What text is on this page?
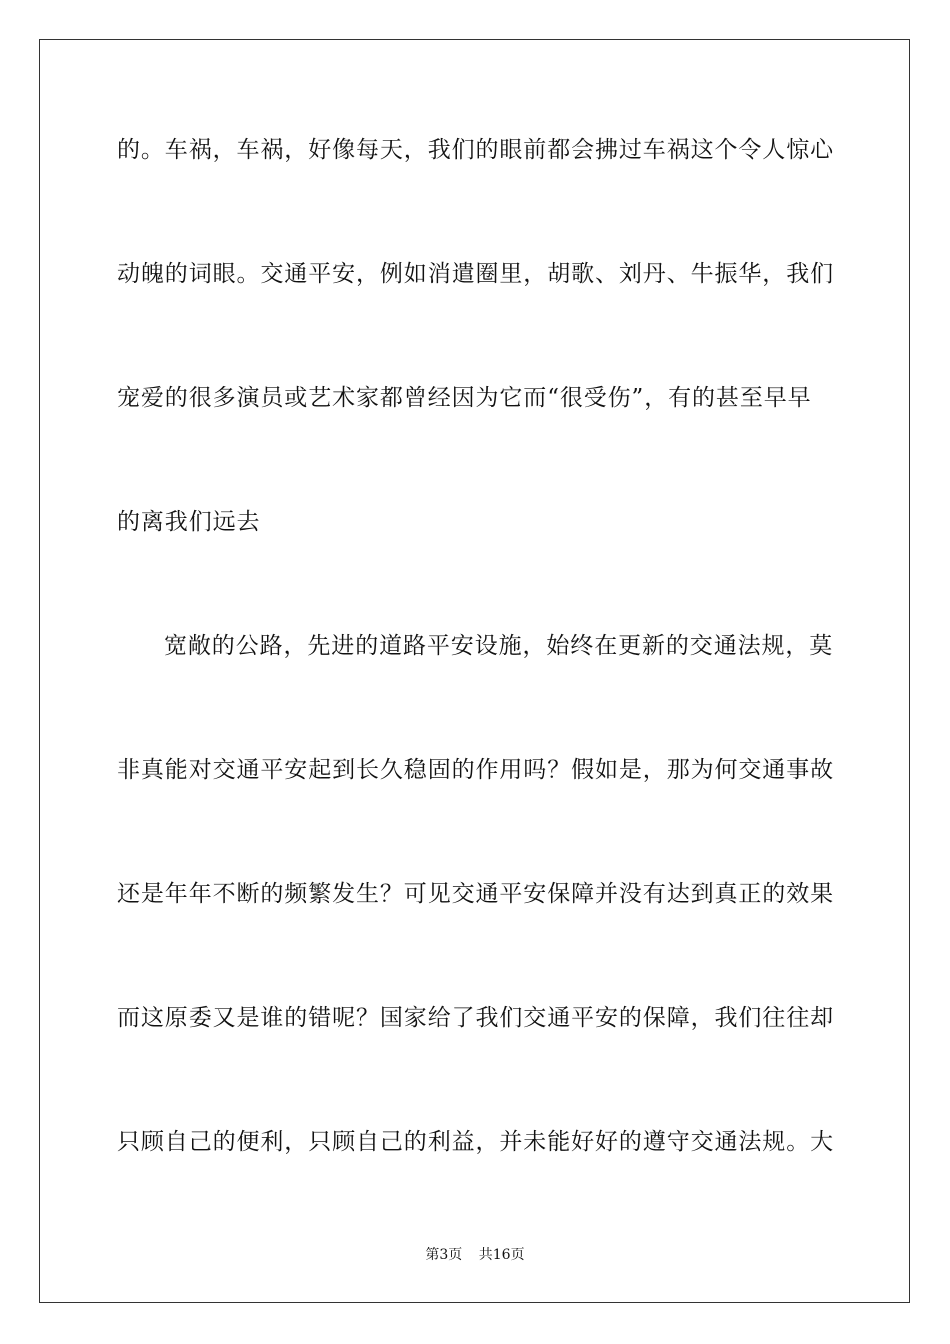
的。车祸，车祸，好像每天，我们的眼前都会拂过车祸这个令人惊心
动魄的词眼。交通平安，例如消遣圈里，胡歌、刘丹、牛振华，我们
宠爱的很多演员或艺术家都曾经因为它而“很受伤”，有的甚至早早
的离我们远去
宽敞的公路，先进的道路平安设施，始终在更新的交通法规，莫
非真能对交通平安起到长久稳固的作用吗？假如是，那为何交通事故
还是年年不断的频繁发生？可见交通平安保障并没有达到真正的效果
而这原委又是谁的错呢？国家给了我们交通平安的保障，我们往往却
只顾自己的便利，只顾自己的利益，并未能好好的遵守交通法规。大
第3页 共16页
